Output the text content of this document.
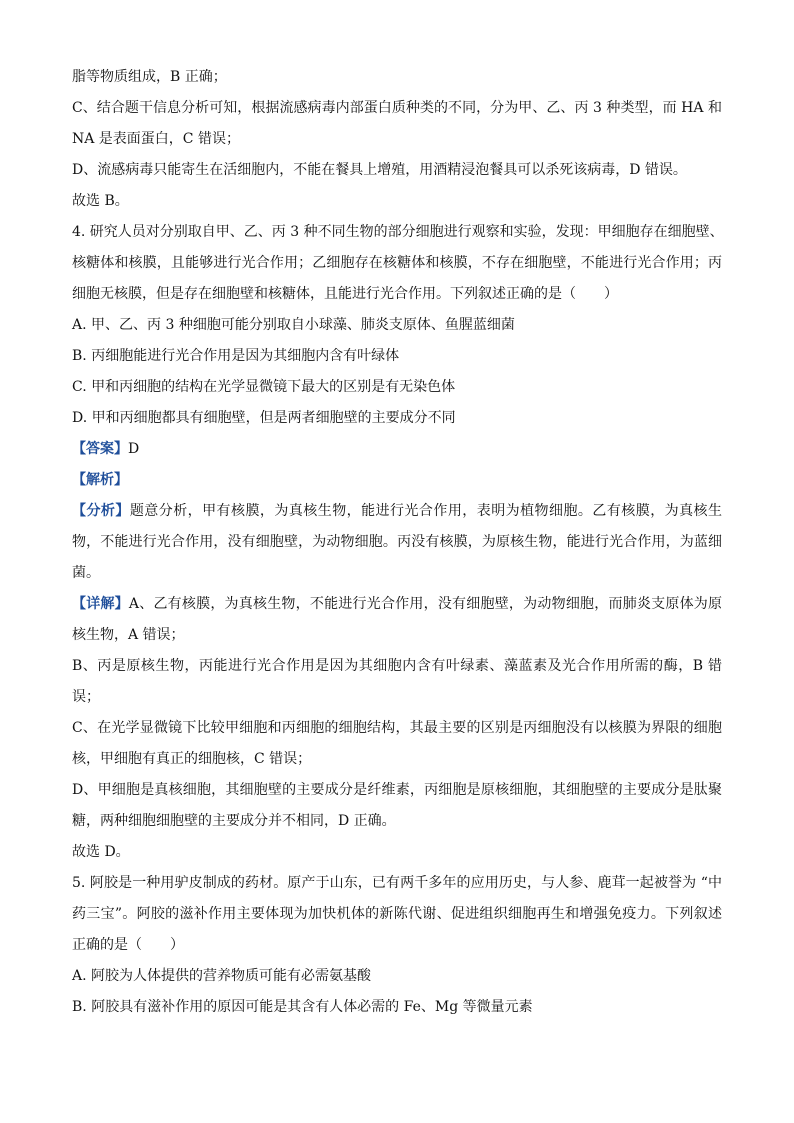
脂等物质组成，B 正确；

C、结合题干信息分析可知，根据流感病毒内部蛋白质种类的不同，分为甲、乙、丙 3 种类型，而 HA 和

NA 是表面蛋白，C 错误；

D、流感病毒只能寄生在活细胞内，不能在餐具上增殖，用酒精浸泡餐具可以杀死该病毒，D 错误。

故选 B。

4. 研究人员对分别取自甲、乙、丙 3 种不同生物的部分细胞进行观察和实验，发现：甲细胞存在细胞壁、

核糖体和核膜，且能够进行光合作用；乙细胞存在核糖体和核膜，不存在细胞壁，不能进行光合作用；丙

细胞无核膜，但是存在细胞壁和核糖体，且能进行光合作用。下列叙述正确的是（　　）

A. 甲、乙、丙 3 种细胞可能分别取自小球藻、肺炎支原体、鱼腥蓝细菌

B. 丙细胞能进行光合作用是因为其细胞内含有叶绿体

C. 甲和丙细胞的结构在光学显微镜下最大的区别是有无染色体

D. 甲和丙细胞都具有细胞壁，但是两者细胞壁的主要成分不同

【答案】D

【解析】

【分析】题意分析，甲有核膜，为真核生物，能进行光合作用，表明为植物细胞。乙有核膜，为真核生

物，不能进行光合作用，没有细胞壁，为动物细胞。丙没有核膜，为原核生物，能进行光合作用，为蓝细

菌。

【详解】A、乙有核膜，为真核生物，不能进行光合作用，没有细胞壁，为动物细胞，而肺炎支原体为原

核生物，A 错误；

B、丙是原核生物，丙能进行光合作用是因为其细胞内含有叶绿素、藻蓝素及光合作用所需的酶，B 错

误；

C、在光学显微镜下比较甲细胞和丙细胞的细胞结构，其最主要的区别是丙细胞没有以核膜为界限的细胞

核，甲细胞有真正的细胞核，C 错误；

D、甲细胞是真核细胞，其细胞壁的主要成分是纤维素，丙细胞是原核细胞，其细胞壁的主要成分是肽聚

糖，两种细胞细胞壁的主要成分并不相同，D 正确。

故选 D。

5. 阿胶是一种用驴皮制成的药材。原产于山东，已有两千多年的应用历史，与人参、鹿茸一起被誉为 “中

药三宝”。阿胶的滋补作用主要体现为加快机体的新陈代谢、促进组织细胞再生和增强免疫力。下列叙述

正确的是（　　）

A. 阿胶为人体提供的营养物质可能有必需氨基酸

B. 阿胶具有滋补作用的原因可能是其含有人体必需的 Fe、Mg 等微量元素
